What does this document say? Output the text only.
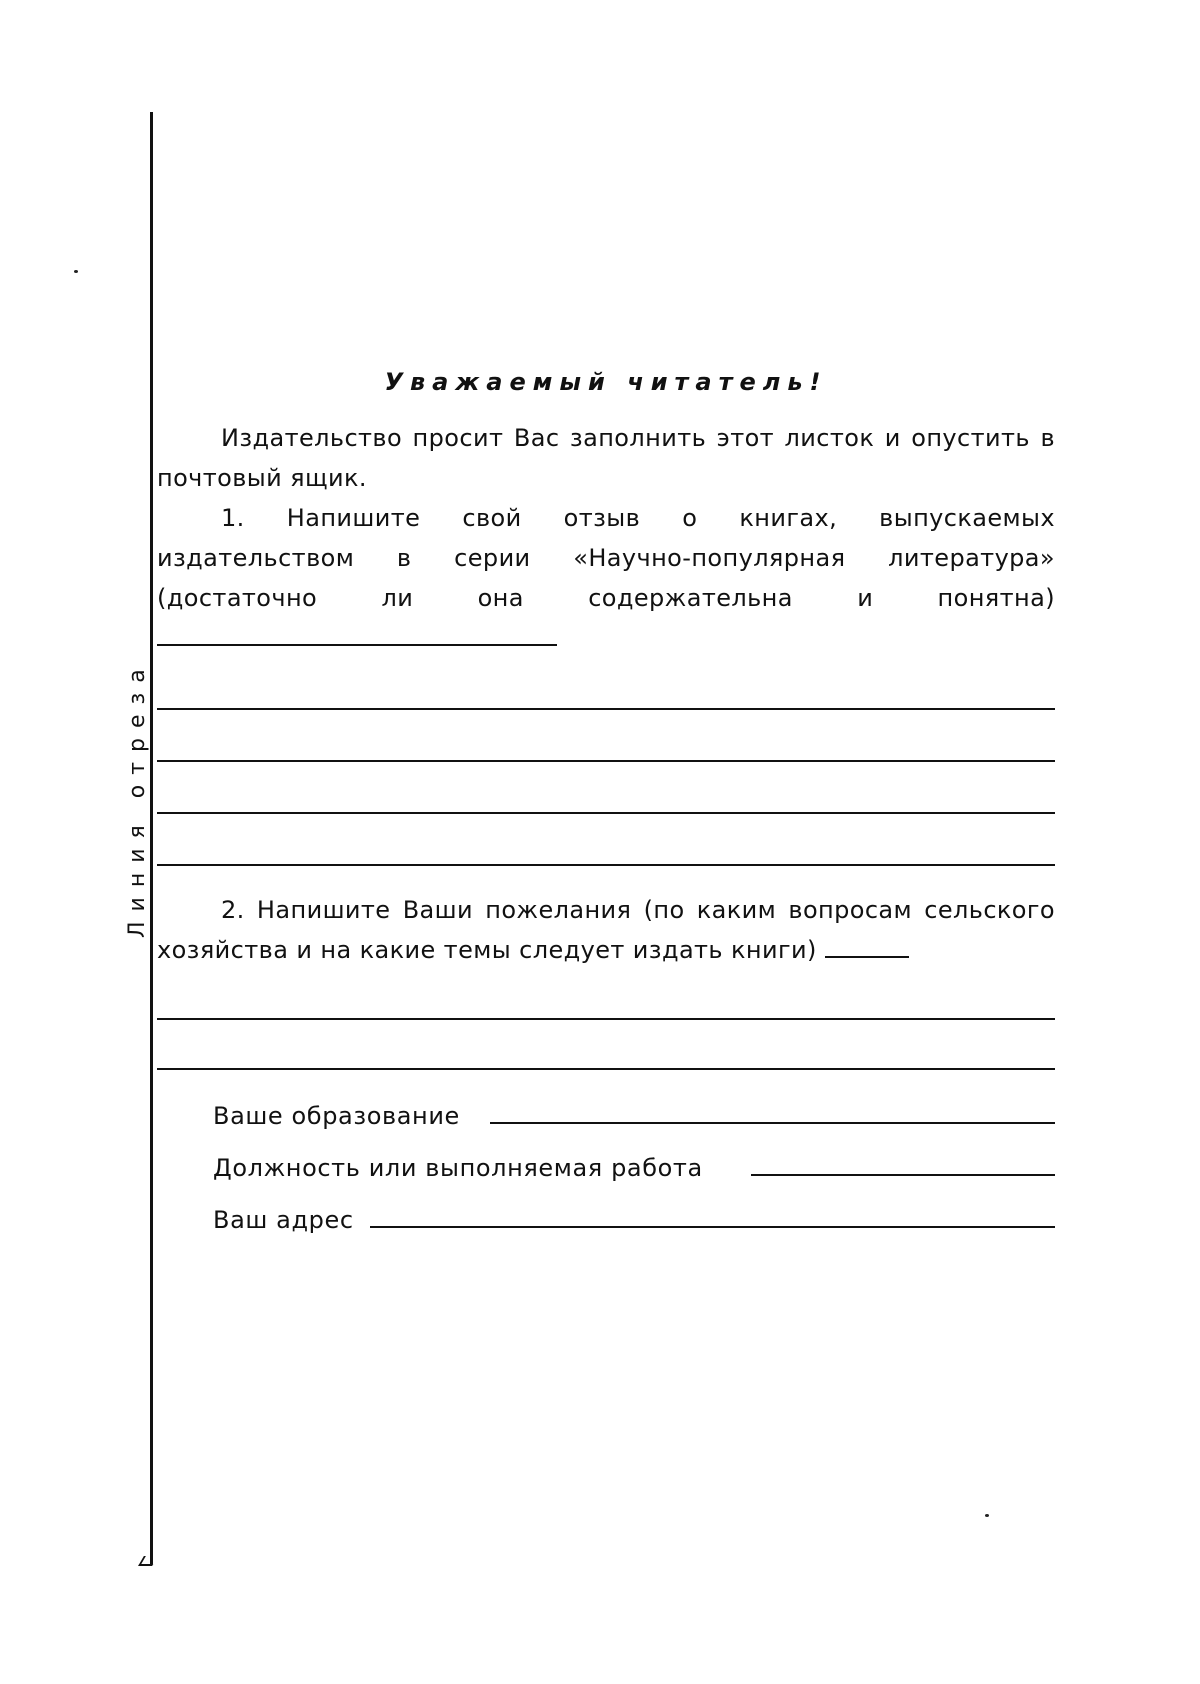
Линия отреза
Уважаемый читатель!

Издательство просит Вас заполнить этот листок и опустить в почтовый ящик.

1. Напишите свой отзыв о книгах, выпускаемых издательством в серии «Научно-популярная литература» (достаточно ли она содержательна и понятна)

2. Напишите Ваши пожелания (по каким вопросам сельского хозяйства и на какие темы следует издать книги)

Ваше образование
Должность или выполняемая работа
Ваш адрес
